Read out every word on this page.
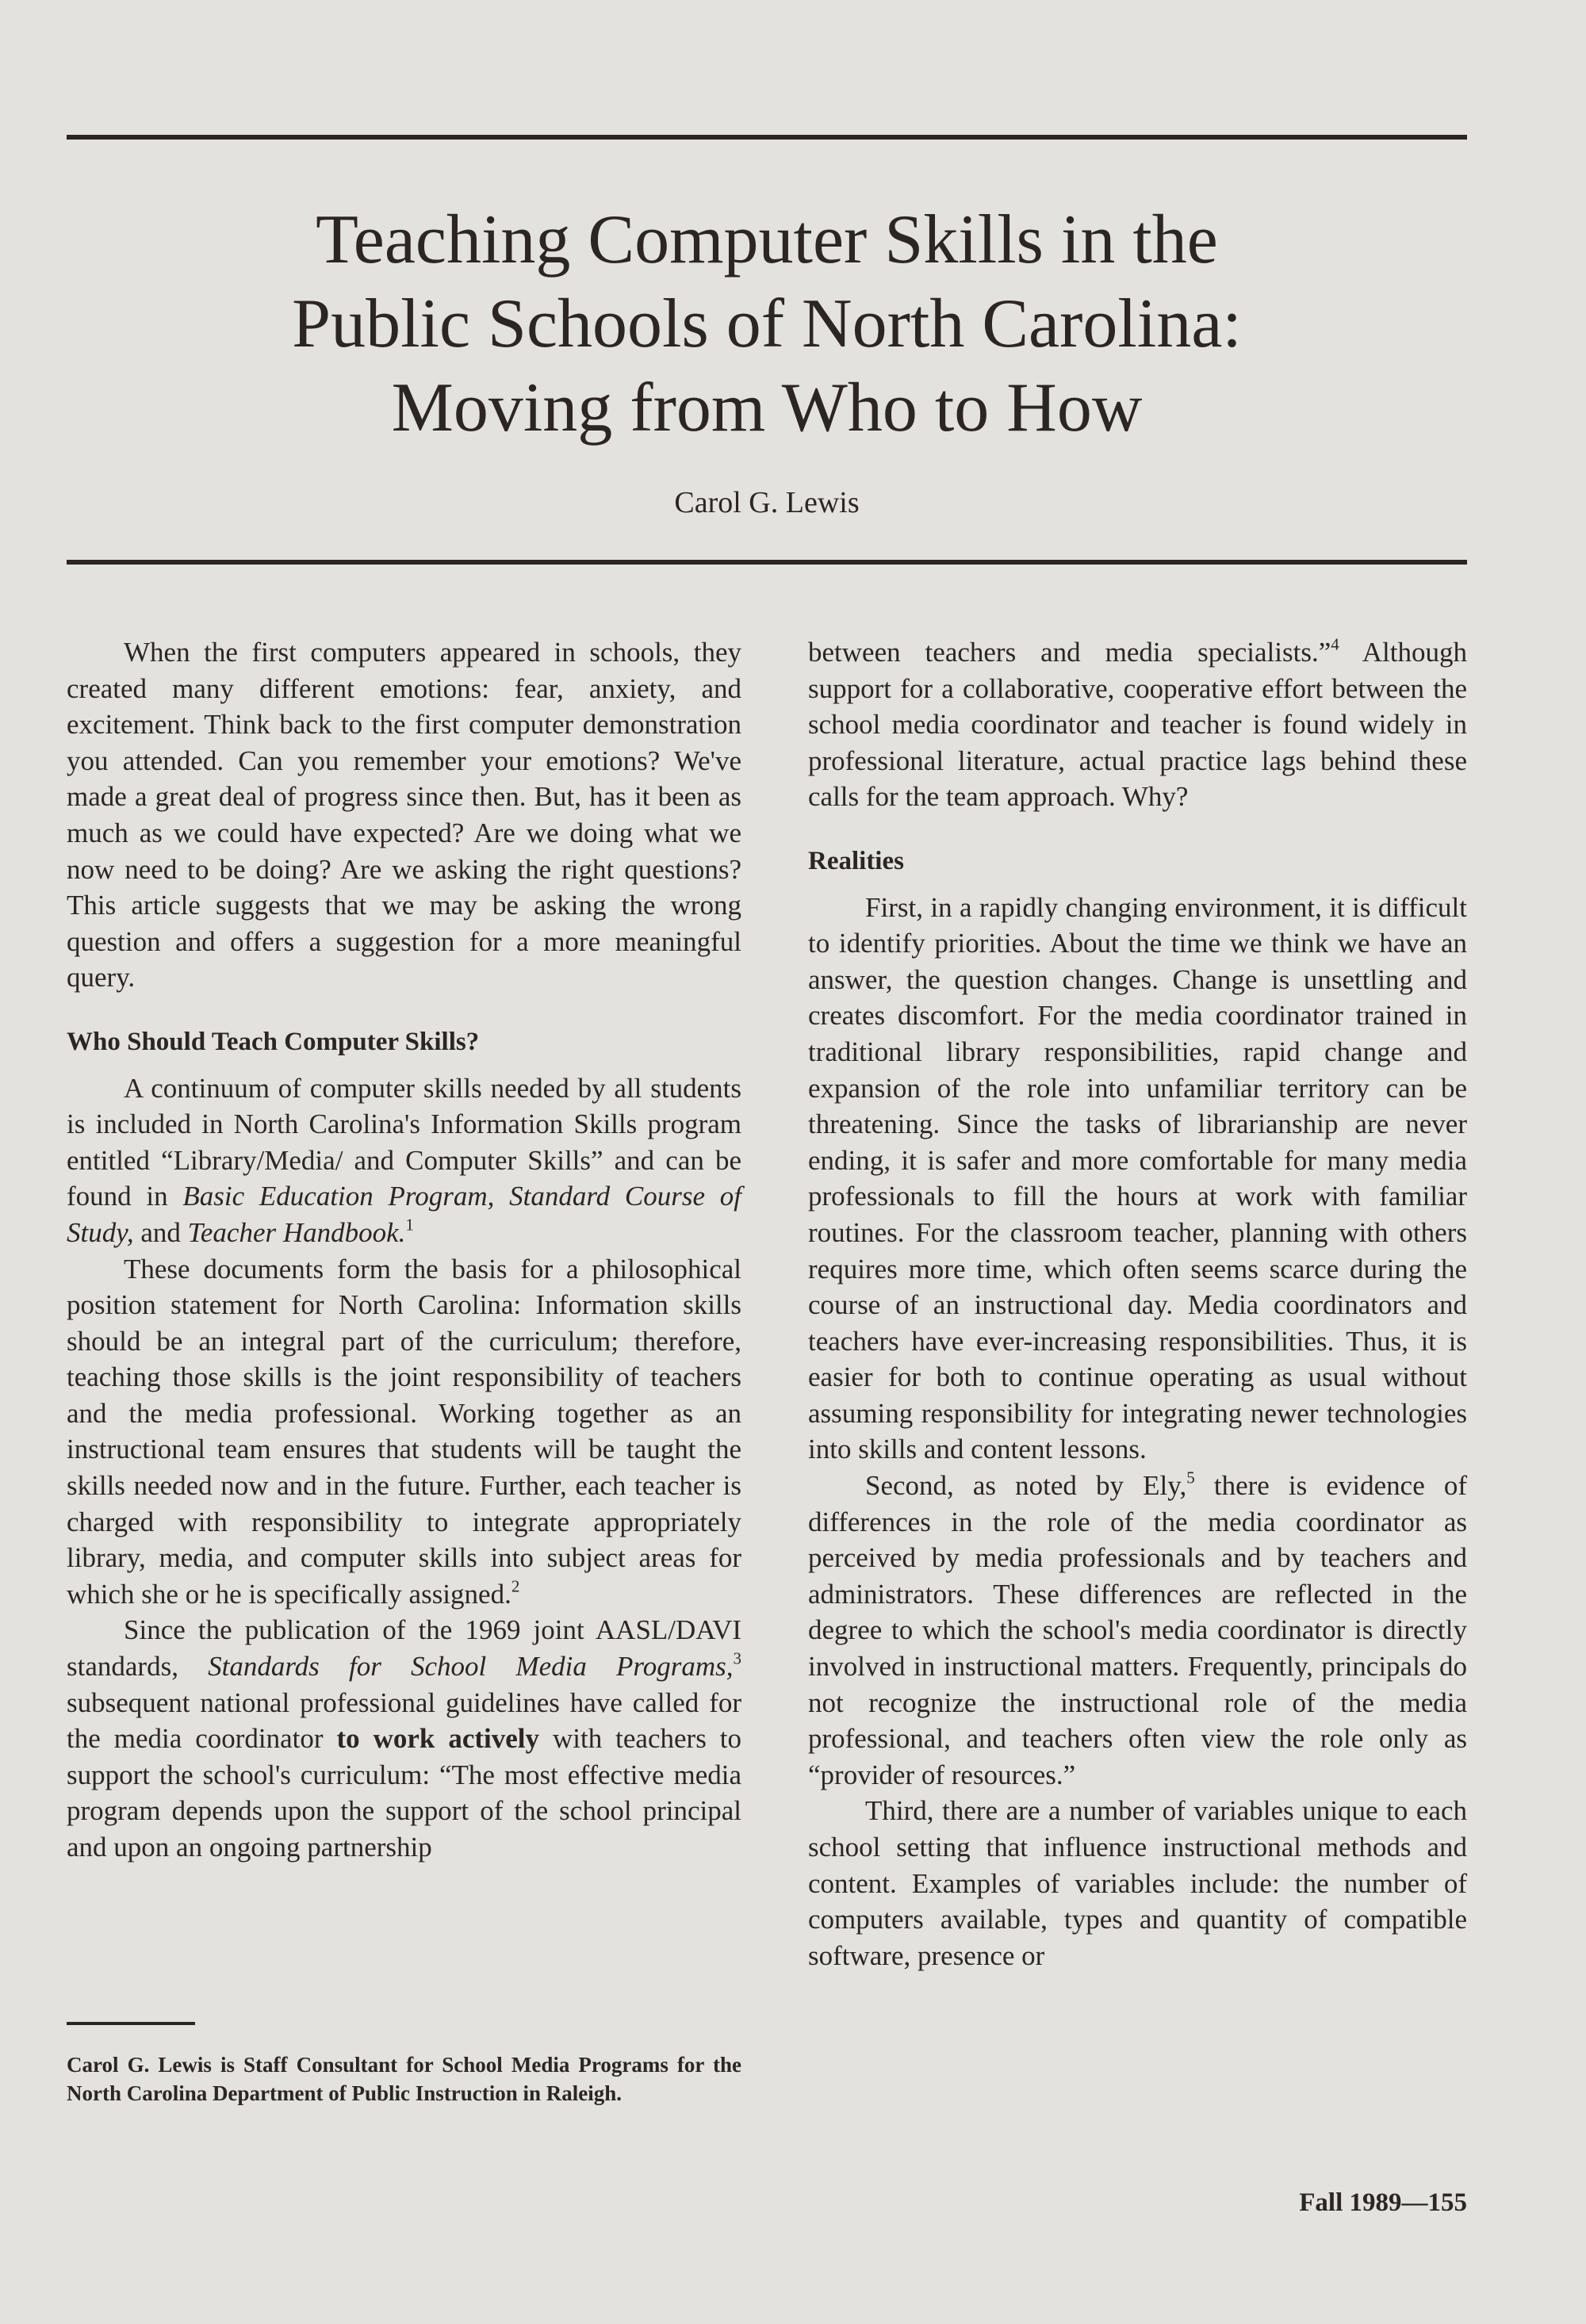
Teaching Computer Skills in the
Public Schools of North Carolina:
Moving from Who to How
Carol G. Lewis

When the first computers appeared in schools, they created many different emotions: fear, anxiety, and excitement. Think back to the first computer demonstration you attended. Can you remember your emotions? We've made a great deal of progress since then. But, has it been as much as we could have expected? Are we doing what we now need to be doing? Are we asking the right questions? This article suggests that we may be asking the wrong question and offers a suggestion for a more meaningful query.

Who Should Teach Computer Skills?

A continuum of computer skills needed by all students is included in North Carolina's Information Skills program entitled “Library/Media/ and Computer Skills” and can be found in Basic Education Program, Standard Course of Study, and Teacher Handbook.$^1$

These documents form the basis for a philosophical position statement for North Carolina: Information skills should be an integral part of the curriculum; therefore, teaching those skills is the joint responsibility of teachers and the media professional. Working together as an instructional team ensures that students will be taught the skills needed now and in the future. Further, each teacher is charged with responsibility to integrate appropriately library, media, and computer skills into subject areas for which she or he is specifically assigned.$^2$

Since the publication of the 1969 joint AASL/DAVI standards, Standards for School Media Programs,$^3$ subsequent national professional guidelines have called for the media coordinator to work actively with teachers to support the school's curriculum: “The most effective media program depends upon the support of the school principal and upon an ongoing partnership

between teachers and media specialists.”$^4$ Although support for a collaborative, cooperative effort between the school media coordinator and teacher is found widely in professional literature, actual practice lags behind these calls for the team approach. Why?

Realities

First, in a rapidly changing environment, it is difficult to identify priorities. About the time we think we have an answer, the question changes. Change is unsettling and creates discomfort. For the media coordinator trained in traditional library responsibilities, rapid change and expansion of the role into unfamiliar territory can be threatening. Since the tasks of librarianship are never ending, it is safer and more comfortable for many media professionals to fill the hours at work with familiar routines. For the classroom teacher, planning with others requires more time, which often seems scarce during the course of an instructional day. Media coordinators and teachers have ever-increasing responsibilities. Thus, it is easier for both to continue operating as usual without assuming responsibility for integrating newer technologies into skills and content lessons.

Second, as noted by Ely,$^5$ there is evidence of differences in the role of the media coordinator as perceived by media professionals and by teachers and administrators. These differences are reflected in the degree to which the school's media coordinator is directly involved in instructional matters. Frequently, principals do not recognize the instructional role of the media professional, and teachers often view the role only as “provider of resources.”

Third, there are a number of variables unique to each school setting that influence instructional methods and content. Examples of variables include: the number of computers available, types and quantity of compatible software, presence or

Carol G. Lewis is Staff Consultant for School Media Programs for the North Carolina Department of Public Instruction in Raleigh.
Fall 1989—155
